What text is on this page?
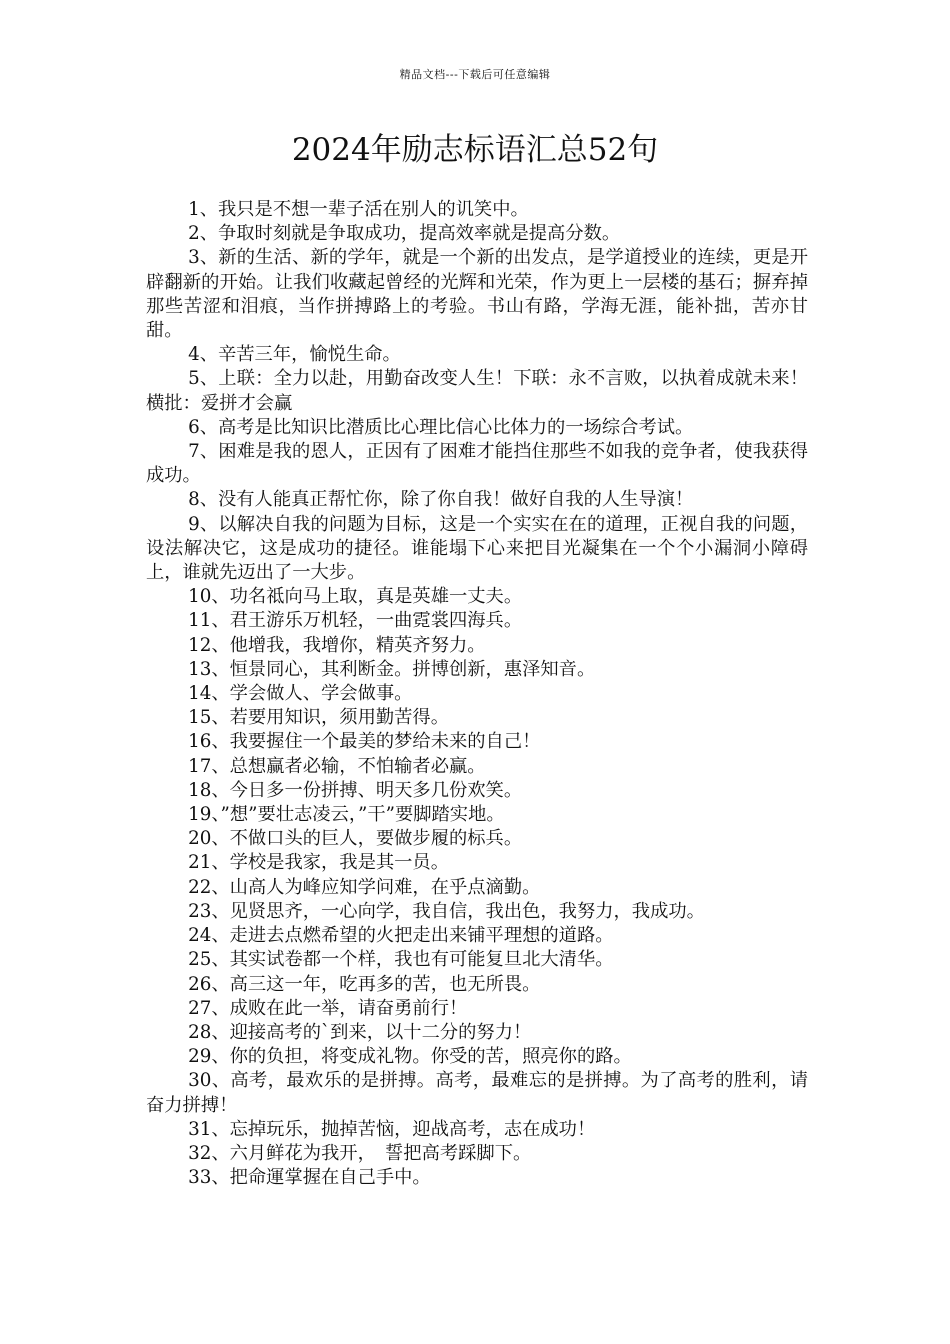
精品文档---下载后可任意编辑
2024年励志标语汇总52句

1、我只是不想一辈子活在别人的讥笑中。

2、争取时刻就是争取成功，提高效率就是提高分数。

3、新的生活、新的学年，就是一个新的出发点，是学道授业的连续，更是开辟翻新的开始。让我们收藏起曾经的光辉和光荣，作为更上一层楼的基石；摒弃掉那些苦涩和泪痕，当作拼搏路上的考验。书山有路，学海无涯，能补拙，苦亦甘甜。

4、辛苦三年，愉悦生命。

5、上联：全力以赴，用勤奋改变人生！下联：永不言败，以执着成就未来！横批：爱拼才会赢

6、高考是比知识比潜质比心理比信心比体力的一场综合考试。

7、困难是我的恩人，正因有了困难才能挡住那些不如我的竞争者，使我获得成功。

8、没有人能真正帮忙你，除了你自我！做好自我的人生导演！

9、以解决自我的问题为目标，这是一个实实在在的道理，正视自我的问题，设法解决它，这是成功的捷径。谁能塌下心来把目光凝集在一个个小漏洞小障碍上，谁就先迈出了一大步。

10、功名祗向马上取，真是英雄一丈夫。

11、君王游乐万机轻，一曲霓裳四海兵。

12、他增我，我增你，精英齐努力。

13、恒景同心，其利断金。拼博创新，惠泽知音。

14、学会做人、学会做事。

15、若要用知识，须用勤苦得。

16、我要握住一个最美的梦给未来的自己！

17、总想赢者必输，不怕输者必赢。

18、今日多一份拼搏、明天多几份欢笑。

19、”想”要壮志凌云，”干”要脚踏实地。

20、不做口头的巨人，要做步履的标兵。

21、学校是我家，我是其一员。

22、山高人为峰应知学问难，在乎点滴勤。

23、见贤思齐，一心向学，我自信，我出色，我努力，我成功。

24、走进去点燃希望的火把走出来铺平理想的道路。

25、其实试卷都一个样，我也有可能复旦北大清华。

26、高三这一年，吃再多的苦，也无所畏。

27、成败在此一举，请奋勇前行！

28、迎接高考的`到来，以十二分的努力！

29、你的负担，将变成礼物。你受的苦，照亮你的路。

30、高考，最欢乐的是拼搏。高考，最难忘的是拼搏。为了高考的胜利，请奋力拼搏！

31、忘掉玩乐，抛掉苦恼，迎战高考，志在成功！

32、六月鲜花为我开，　誓把高考踩脚下。

33、把命運掌握在自己手中。
